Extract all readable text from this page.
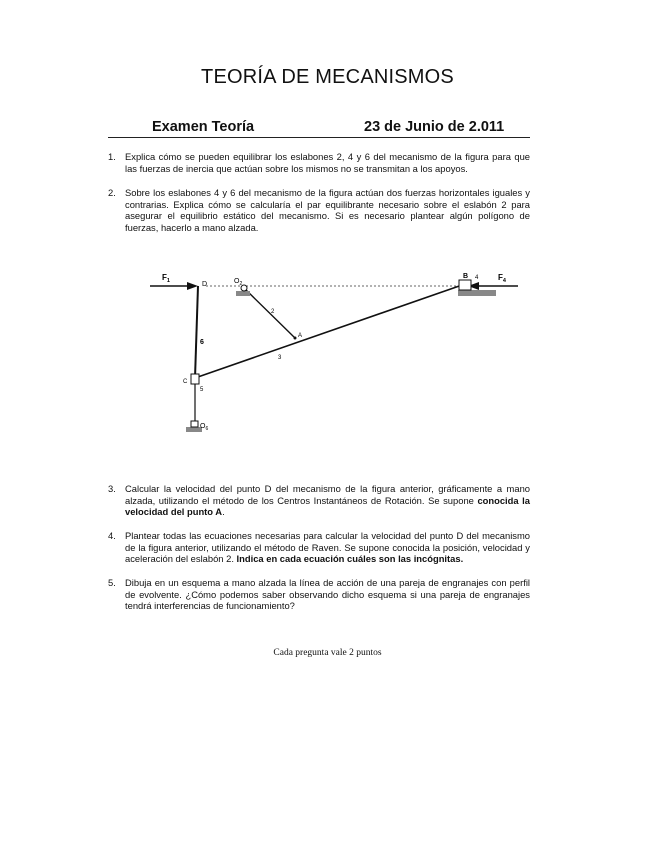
TEORÍA DE MECANISMOS
Examen Teoría	23 de Junio de 2.011
1. Explica cómo se pueden equilibrar los eslabones 2, 4 y 6 del mecanismo de la figura para que las fuerzas de inercia que actúan sobre los mismos no se transmitan a los apoyos.
2. Sobre los eslabones 4 y 6 del mecanismo de la figura actúan dos fuerzas horizontales iguales y contrarias. Explica cómo se calcularía el par equilibrante necesario sobre el eslabón 2 para asegurar el equilibrio estático del mecanismo. Si es necesario plantear algún polígono de fuerzas, hacerlo a mano alzada.
$F_1$	D	$O_2$
B 4 $F_4$
2
A
3
6
C
5
$O_6$
3. Calcular la velocidad del punto D del mecanismo de la figura anterior, gráficamente a mano alzada, utilizando el método de los Centros Instantáneos de Rotación. Se supone conocida la velocidad del punto A.
4. Plantear todas las ecuaciones necesarias para calcular la velocidad del punto D del mecanismo de la figura anterior, utilizando el método de Raven. Se supone conocida la posición, velocidad y aceleración del eslabón 2. Indica en cada ecuación cuáles son las incógnitas.
5. Dibuja en un esquema a mano alzada la línea de acción de una pareja de engranajes con perfil de evolvente. ¿Cómo podemos saber observando dicho esquema si una pareja de engranajes tendrá interferencias de funcionamiento?
Cada pregunta vale 2 puntos
